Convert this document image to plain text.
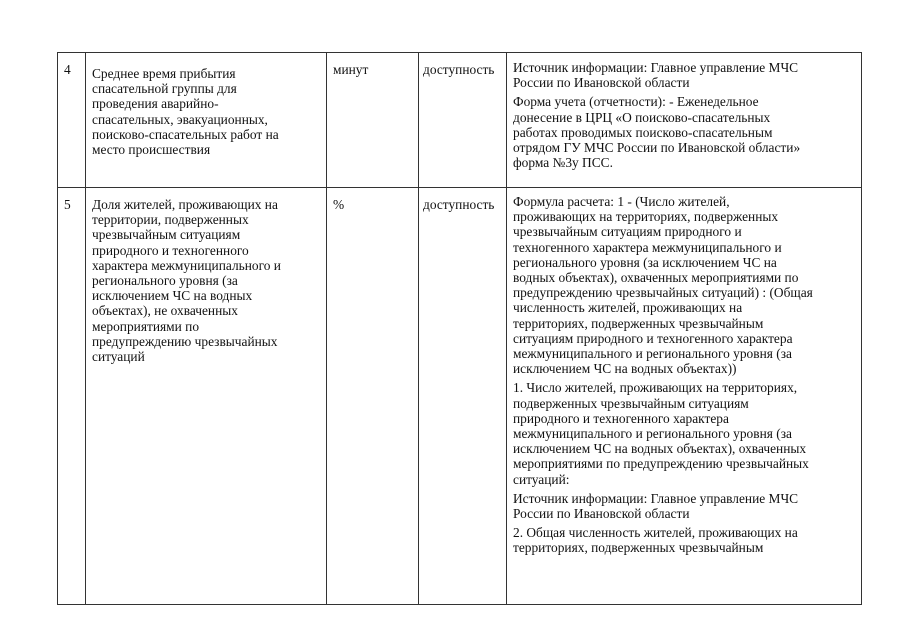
4 Среднее время прибытия
спасательной группы для
проведения аварийно-
спасательных, эвакуационных,
поисково-спасательных работ на
место происшествия
минут	доступность Источник информации: Главное управление МЧС
России по Ивановской области
Форма учета (отчетности): - Еженедельное
донесение в ЦРЦ «О поисково-спасательных
работах проводимых поисково-спасательным
отрядом ГУ МЧС России по Ивановской области»
форма №3у ПСС.
5 Доля жителей, проживающих на
территории, подверженных
чрезвычайным ситуациям
природного и техногенного
характера межмуниципального и
регионального уровня (за
исключением ЧС на водных
объектах), не охваченных
мероприятиями по
предупреждению чрезвычайных
ситуаций
%	доступность Формула расчета: 1 - (Число жителей,
проживающих на территориях, подверженных
чрезвычайным ситуациям природного и
техногенного характера межмуниципального и
регионального уровня (за исключением ЧС на
водных объектах), охваченных мероприятиями по
предупреждению чрезвычайных ситуаций) : (Общая
численность жителей, проживающих на
территориях, подверженных чрезвычайным
ситуациям природного и техногенного характера
межмуниципального и регионального уровня (за
исключением ЧС на водных объектах))
1. Число жителей, проживающих на территориях,
подверженных чрезвычайным ситуациям
природного и техногенного характера
межмуниципального и регионального уровня (за
исключением ЧС на водных объектах), охваченных
мероприятиями по предупреждению чрезвычайных
ситуаций:
Источник информации: Главное управление МЧС
России по Ивановской области
2. Общая численность жителей, проживающих на
территориях, подверженных чрезвычайным
